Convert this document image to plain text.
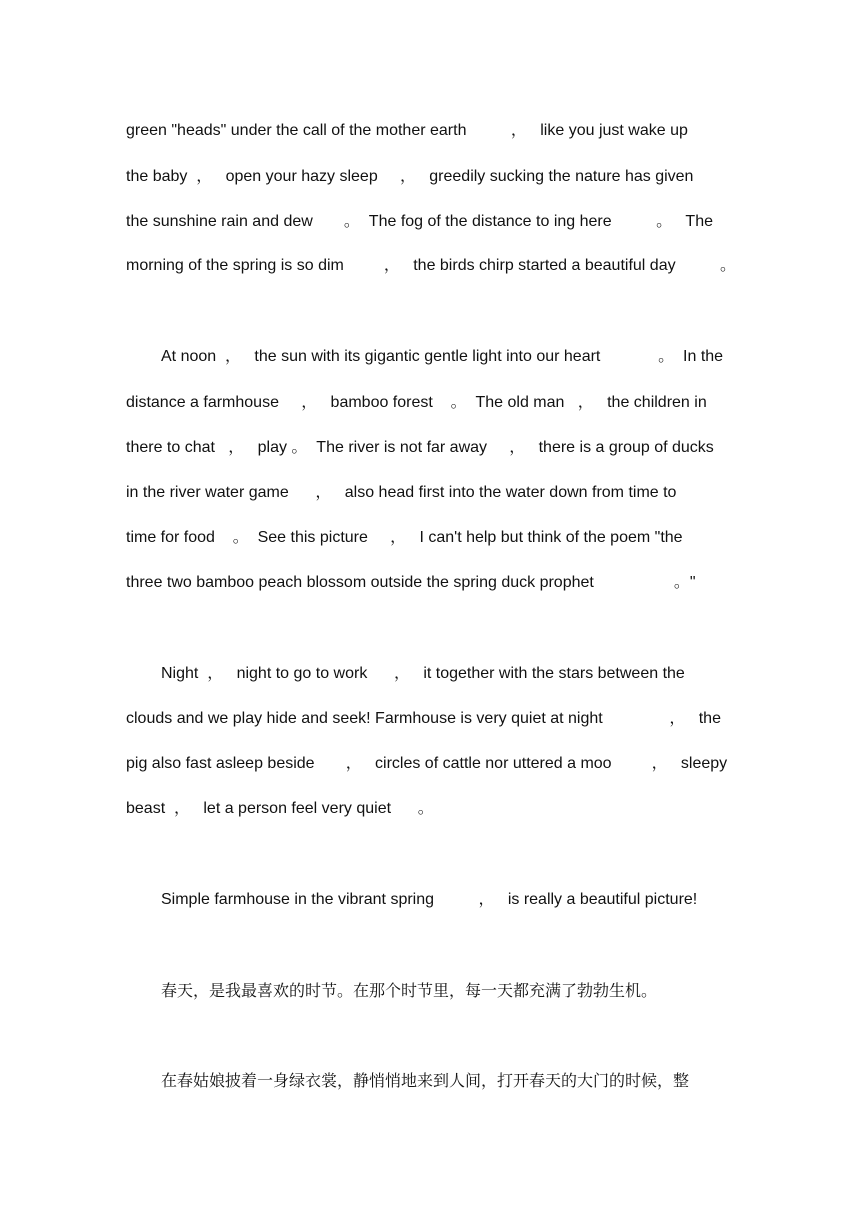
green "heads" under the call of the mother earth          ，   like you just wake up
the baby  ，   open your hazy sleep     ，   greedily sucking the nature has given
the sunshine rain and dew       。  The fog of the distance to ing here          。   The
morning of the spring is so dim         ，   the birds chirp started a beautiful day          。
At noon  ，   the sun with its gigantic gentle light into our heart             。  In the
distance a farmhouse     ，   bamboo forest    。  The old man   ，   the children in
there to chat   ，   play 。  The river is not far away     ，   there is a group of ducks
in the river water game      ，   also head first into the water down from time to
time for food    。  See this picture     ，   I can't help but think of the poem "the
three two bamboo peach blossom outside the spring duck prophet                  。"
Night  ，   night to go to work      ，   it together with the stars between the
clouds and we play hide and seek! Farmhouse is very quiet at night               ，   the
pig also fast asleep beside       ，   circles of cattle nor uttered a moo         ，   sleepy
beast  ，   let a person feel very quiet      。
Simple farmhouse in the vibrant spring          ，   is really a beautiful picture!
春天，是我最喜欢的时节。在那个时节里，每一天都充满了勃勃生机。
在春姑娘披着一身绿衣裳，静悄悄地来到人间，打开春天的大门的时候，整
